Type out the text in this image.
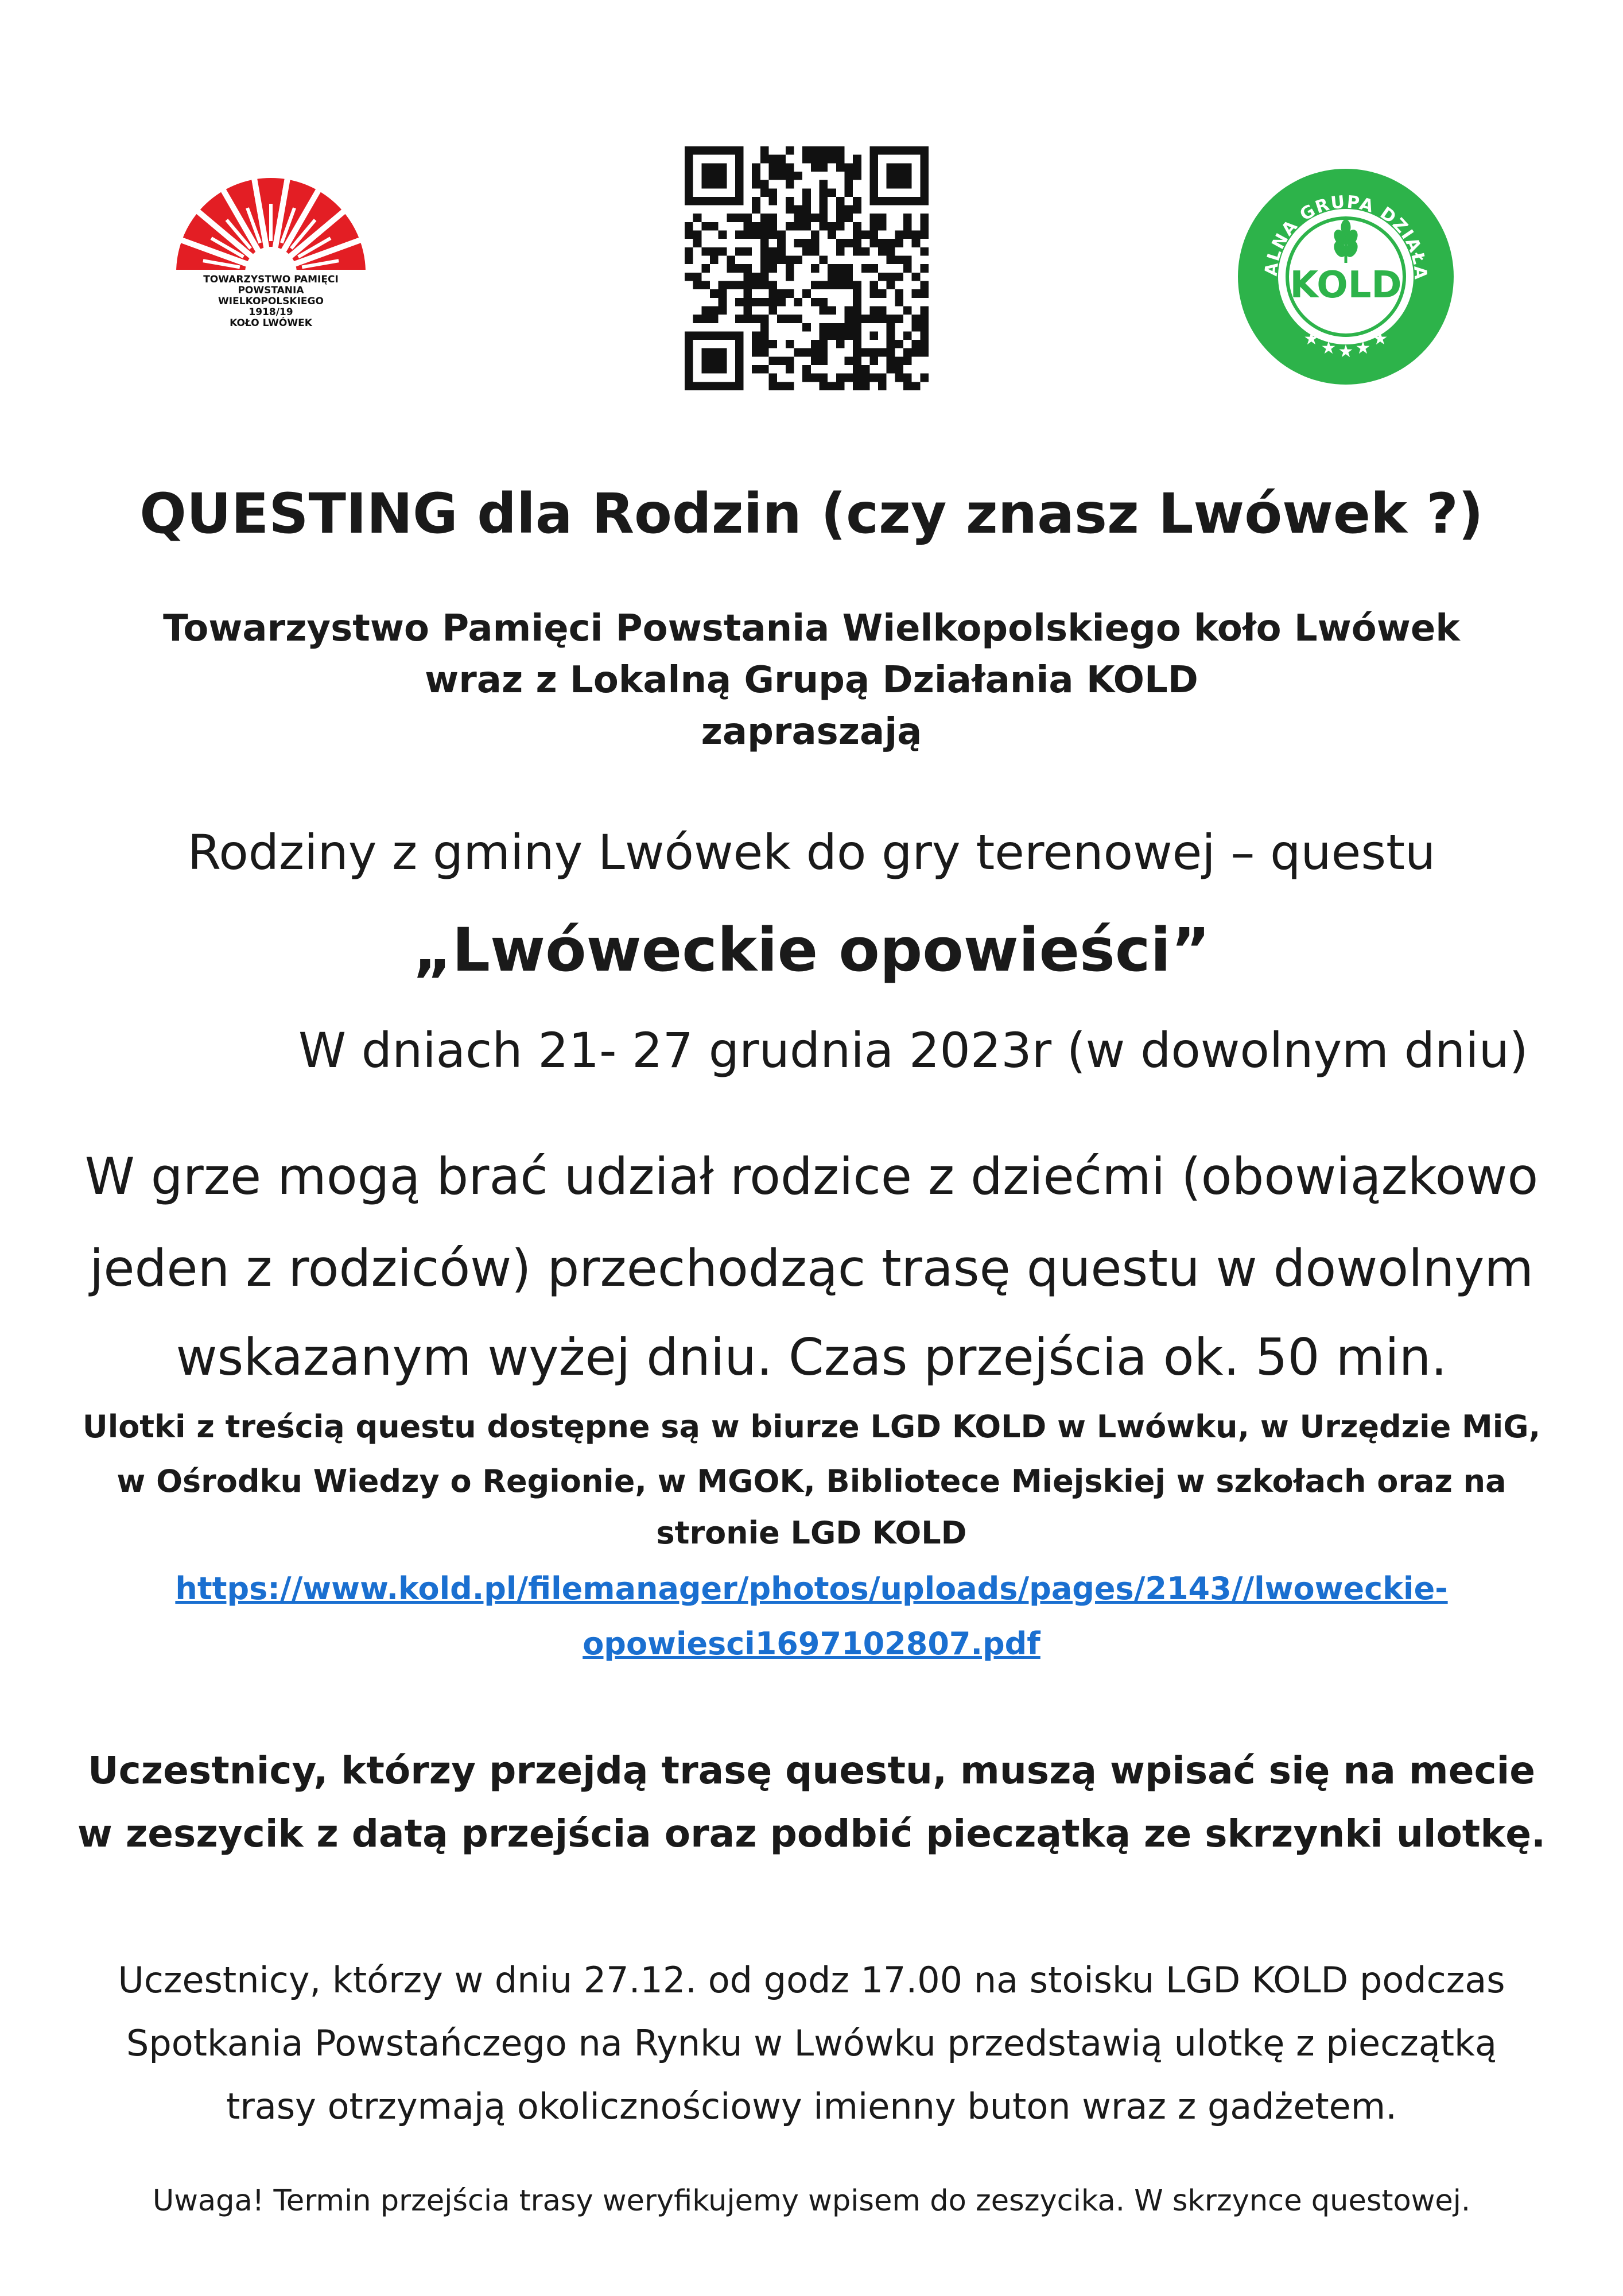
TOWARZYSTWO PAMIĘCI
POWSTANIA
WIELKOPOLSKIEGO
1918/19
KOŁO LWÓWEK
ALNA GRUPA DZIAŁA
KOLD
★ ★ ★ ★ ★
QUESTING dla Rodzin (czy znasz Lwówek ?)
Towarzystwo Pamięci Powstania Wielkopolskiego koło Lwówek
wraz z Lokalną Grupą Działania KOLD
zapraszają
Rodziny z gminy Lwówek do gry terenowej – questu
„Lwóweckie opowieści”
W dniach 21- 27 grudnia 2023r (w dowolnym dniu)
W grze mogą brać udział rodzice z dziećmi (obowiązkowo
jeden z rodziców) przechodząc trasę questu w dowolnym
wskazanym wyżej dniu. Czas przejścia ok. 50 min.
Ulotki z treścią questu dostępne są w biurze LGD KOLD w Lwówku, w Urzędzie MiG,
w Ośrodku Wiedzy o Regionie, w MGOK, Bibliotece Miejskiej w szkołach oraz na
stronie LGD KOLD
https://www.kold.pl/filemanager/photos/uploads/pages/2143//lwoweckie-
opowiesci1697102807.pdf
Uczestnicy, którzy przejdą trasę questu, muszą wpisać się na mecie
w zeszycik z datą przejścia oraz podbić pieczątką ze skrzynki ulotkę.
Uczestnicy, którzy w dniu 27.12. od godz 17.00 na stoisku LGD KOLD podczas
Spotkania Powstańczego na Rynku w Lwówku przedstawią ulotkę z pieczątką
trasy otrzymają okolicznościowy imienny buton wraz z gadżetem.
Uwaga! Termin przejścia trasy weryfikujemy wpisem do zeszycika. W skrzynce questowej.
